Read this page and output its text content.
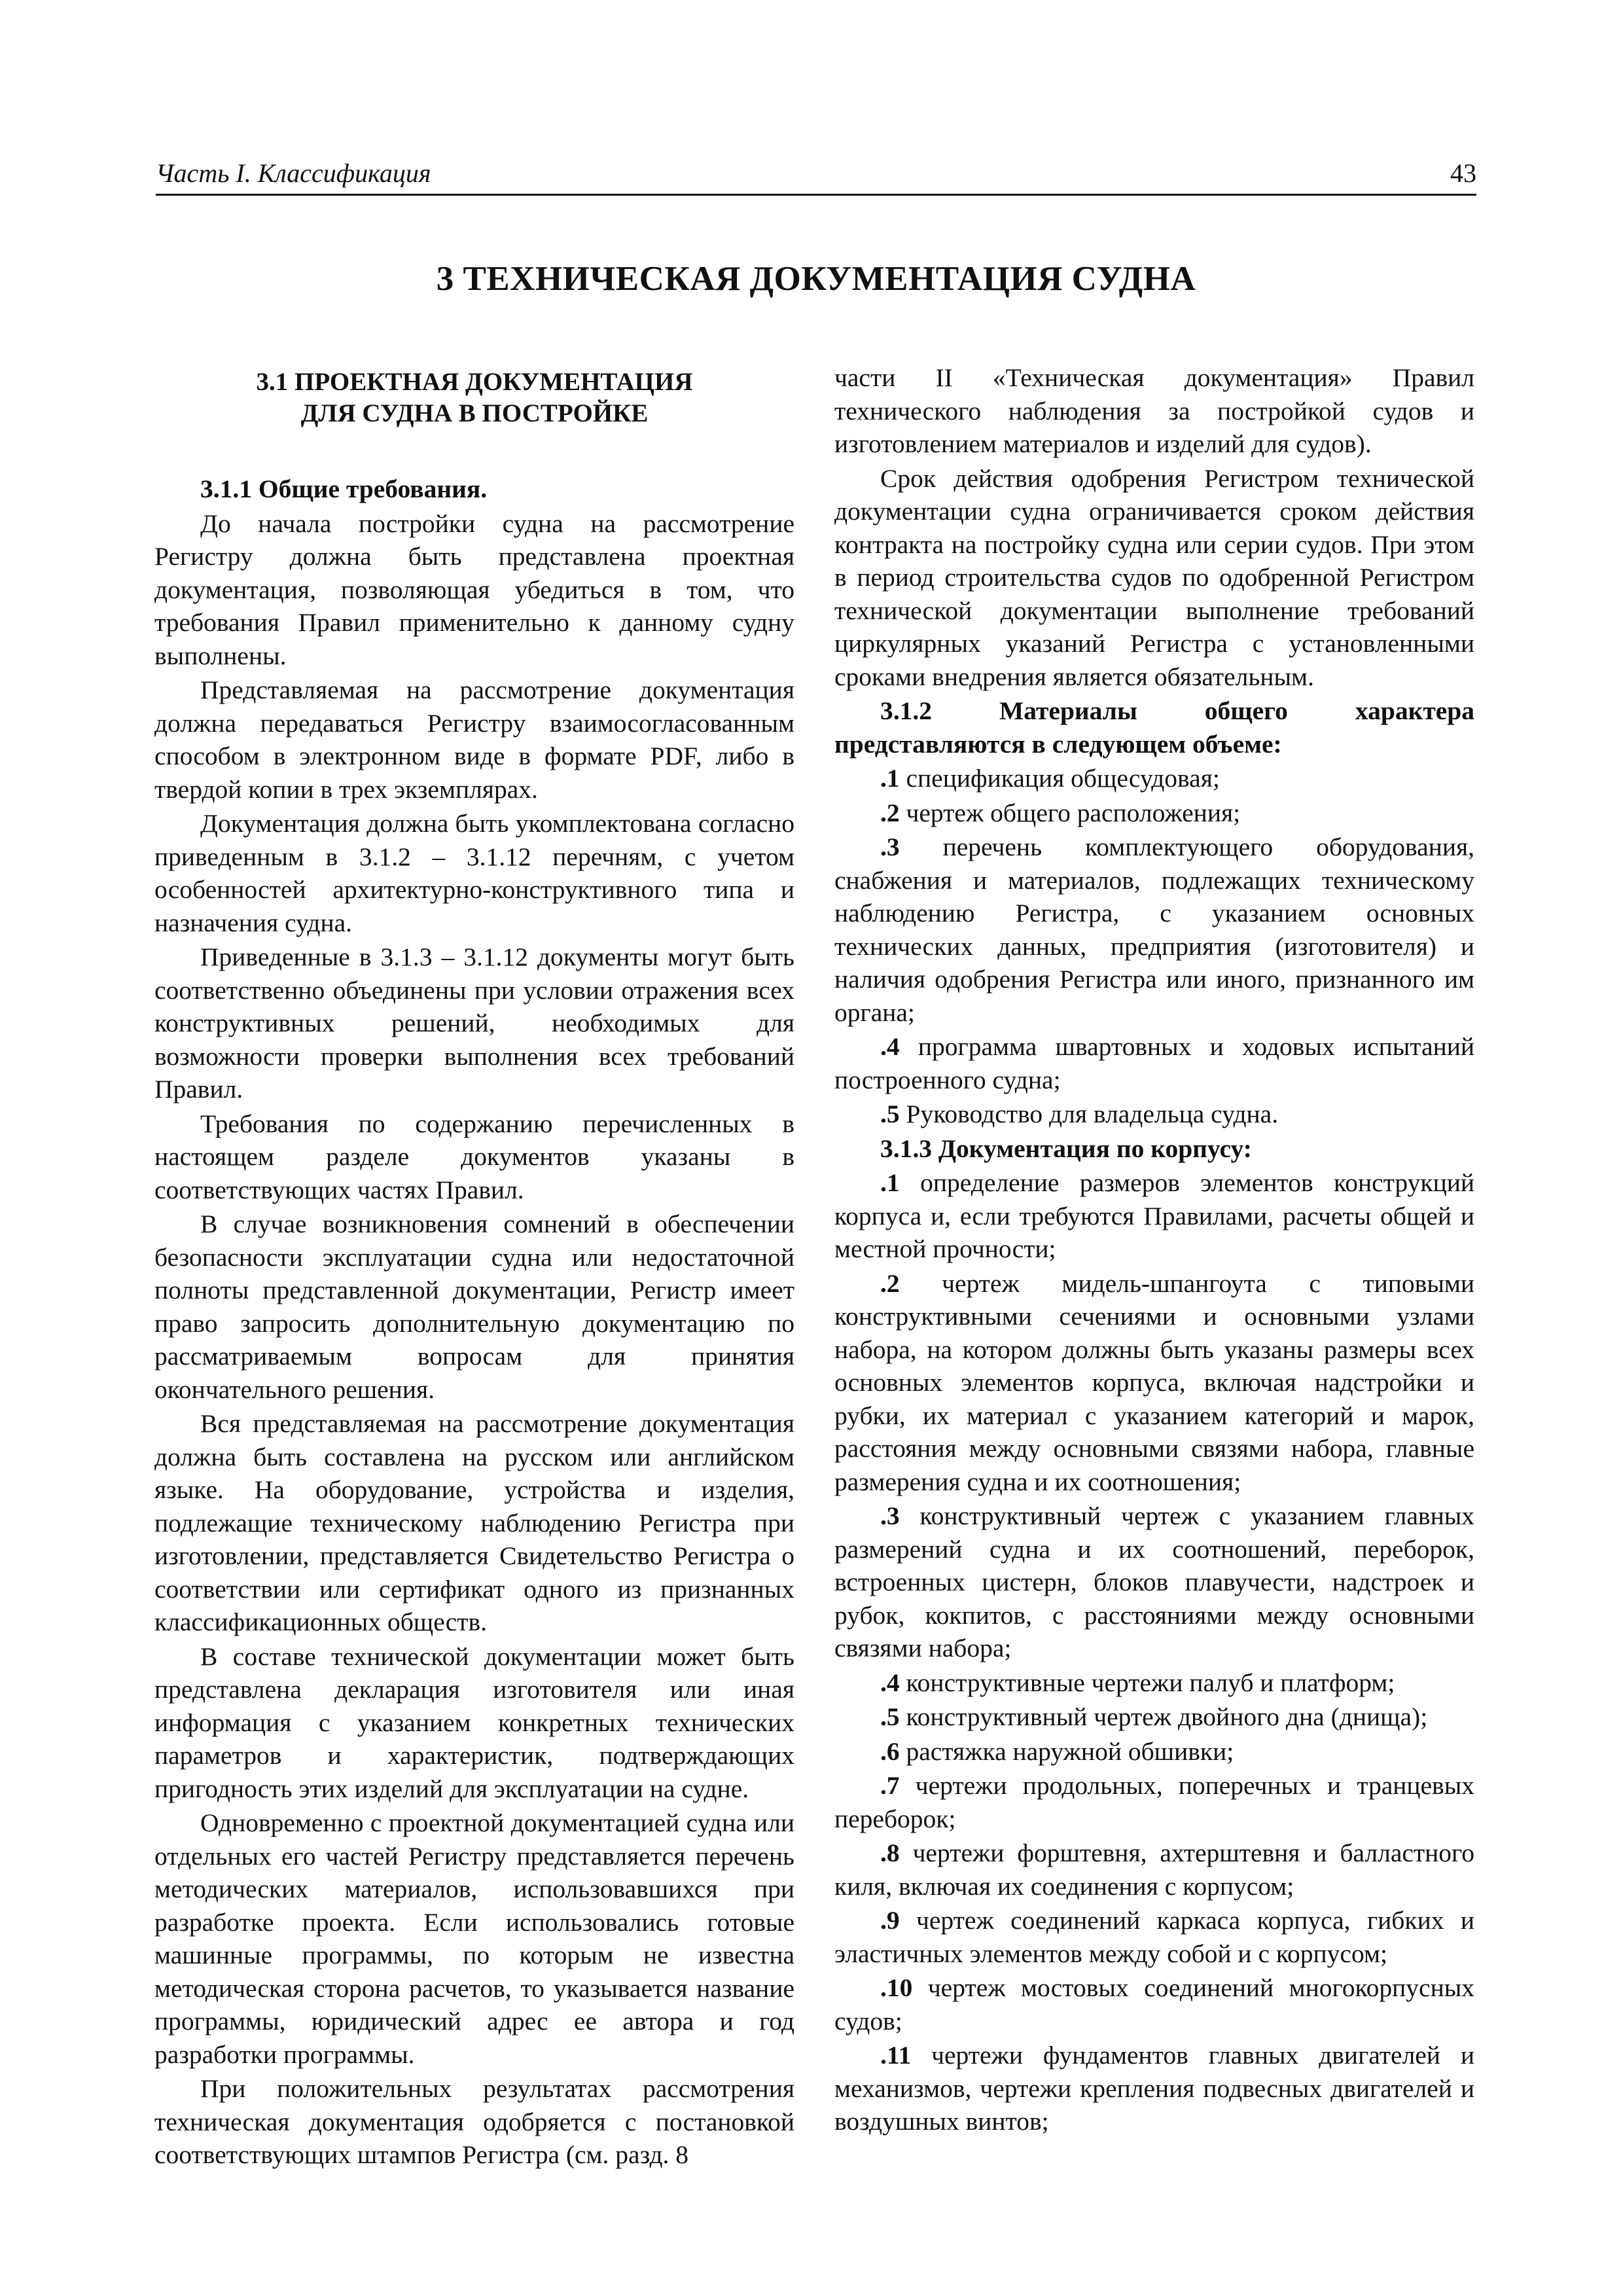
Часть I. Классификация	43
3 ТЕХНИЧЕСКАЯ ДОКУМЕНТАЦИЯ СУДНА
3.1 ПРОЕКТНАЯ ДОКУМЕНТАЦИЯ
ДЛЯ СУДНА В ПОСТРОЙКЕ

3.1.1 Общие требования.

До начала постройки судна на рассмотрение Регистру должна быть представлена проектная документация, позволяющая убедиться в том, что требования Правил применительно к данному судну выполнены.

Представляемая на рассмотрение документация должна передаваться Регистру взаимосогласованным способом в электронном виде в формате PDF, либо в твердой копии в трех экземплярах.

Документация должна быть укомплектована согласно приведенным в 3.1.2 – 3.1.12 перечням, с учетом особенностей архитектурно-конструктивного типа и назначения судна.

Приведенные в 3.1.3 – 3.1.12 документы могут быть соответственно объединены при условии отражения всех конструктивных решений, необходимых для возможности проверки выполнения всех требований Правил.

Требования по содержанию перечисленных в настоящем разделе документов указаны в соответствующих частях Правил.

В случае возникновения сомнений в обеспечении безопасности эксплуатации судна или недостаточной полноты представленной документации, Регистр имеет право запросить дополнительную документацию по рассматриваемым вопросам для принятия окончательного решения.

Вся представляемая на рассмотрение документация должна быть составлена на русском или английском языке. На оборудование, устройства и изделия, подлежащие техническому наблюдению Регистра при изготовлении, представляется Свидетельство Регистра о соответствии или сертификат одного из признанных классификационных обществ.

В составе технической документации может быть представлена декларация изготовителя или иная информация с указанием конкретных технических параметров и характеристик, подтверждающих пригодность этих изделий для эксплуатации на судне.

Одновременно с проектной документацией судна или отдельных его частей Регистру представляется перечень методических материалов, использовавшихся при разработке проекта. Если использовались готовые машинные программы, по которым не известна методическая сторона расчетов, то указывается название программы, юридический адрес ее автора и год разработки программы.

При положительных результатах рассмотрения техническая документация одобряется с постановкой соответствующих штампов Регистра (см. разд. 8

части II «Техническая документация» Правил технического наблюдения за постройкой судов и изготовлением материалов и изделий для судов).

Срок действия одобрения Регистром технической документации судна ограничивается сроком действия контракта на постройку судна или серии судов. При этом в период строительства судов по одобренной Регистром технической документации выполнение требований циркулярных указаний Регистра с установленными сроками внедрения является обязательным.

3.1.2 Материалы общего характера представляются в следующем объеме:

.1 спецификация общесудовая;

.2 чертеж общего расположения;

.3 перечень комплектующего оборудования, снабжения и материалов, подлежащих техническому наблюдению Регистра, с указанием основных технических данных, предприятия (изготовителя) и наличия одобрения Регистра или иного, признанного им органа;

.4 программа швартовных и ходовых испытаний построенного судна;

.5 Руководство для владельца судна.

3.1.3 Документация по корпусу:

.1 определение размеров элементов конструкций корпуса и, если требуются Правилами, расчеты общей и местной прочности;

.2 чертеж мидель-шпангоута с типовыми конструктивными сечениями и основными узлами набора, на котором должны быть указаны размеры всех основных элементов корпуса, включая надстройки и рубки, их материал с указанием категорий и марок, расстояния между основными связями набора, главные размерения судна и их соотношения;

.3 конструктивный чертеж с указанием главных размерений судна и их соотношений, переборок, встроенных цистерн, блоков плавучести, надстроек и рубок, кокпитов, с расстояниями между основными связями набора;

.4 конструктивные чертежи палуб и платформ;

.5 конструктивный чертеж двойного дна (днища);

.6 растяжка наружной обшивки;

.7 чертежи продольных, поперечных и транцевых переборок;

.8 чертежи форштевня, ахтерштевня и балластного киля, включая их соединения с корпусом;

.9 чертеж соединений каркаса корпуса, гибких и эластичных элементов между собой и с корпусом;

.10 чертеж мостовых соединений многокорпусных судов;

.11 чертежи фундаментов главных двигателей и механизмов, чертежи крепления подвесных двигателей и воздушных винтов;
